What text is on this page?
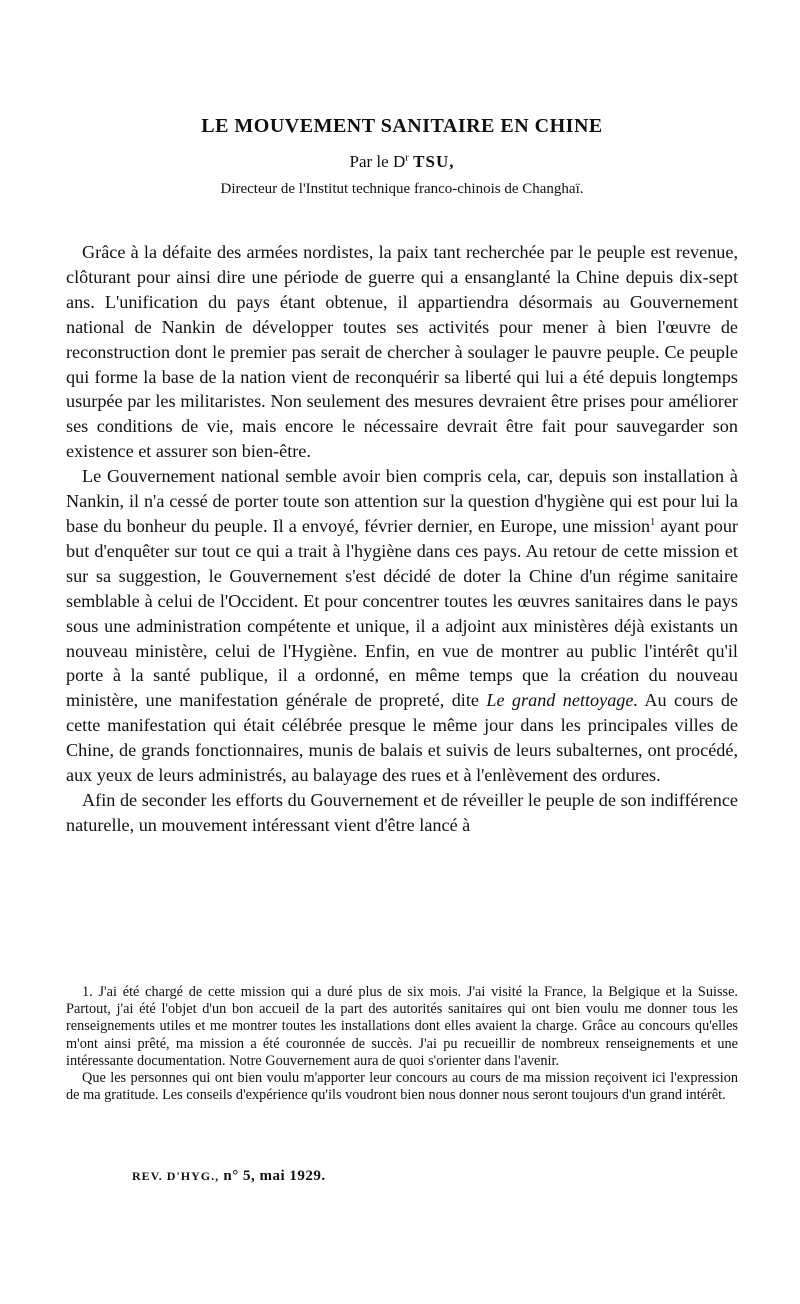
LE MOUVEMENT SANITAIRE EN CHINE
Par le $D^r$ TSU,
Directeur de l'Institut technique franco-chinois de Changhaï.

Grâce à la défaite des armées nordistes, la paix tant recherchée par le peuple est revenue, clôturant pour ainsi dire une période de guerre qui a ensanglanté la Chine depuis dix-sept ans. L'unification du pays étant obtenue, il appartiendra désormais au Gouvernement national de Nankin de développer toutes ses activités pour mener à bien l'œuvre de reconstruction dont le premier pas serait de chercher à soulager le pauvre peuple. Ce peuple qui forme la base de la nation vient de reconquérir sa liberté qui lui a été depuis longtemps usurpée par les militaristes. Non seulement des mesures devraient être prises pour améliorer ses conditions de vie, mais encore le nécessaire devrait être fait pour sauvegarder son existence et assurer son bien-être.

Le Gouvernement national semble avoir bien compris cela, car, depuis son installation à Nankin, il n'a cessé de porter toute son attention sur la question d'hygiène qui est pour lui la base du bonheur du peuple. Il a envoyé, février dernier, en Europe, une mission$^1$ ayant pour but d'enquêter sur tout ce qui a trait à l'hygiène dans ces pays. Au retour de cette mission et sur sa suggestion, le Gouvernement s'est décidé de doter la Chine d'un régime sanitaire semblable à celui de l'Occident. Et pour concentrer toutes les œuvres sanitaires dans le pays sous une administration compétente et unique, il a adjoint aux ministères déjà existants un nouveau ministère, celui de l'Hygiène. Enfin, en vue de montrer au public l'intérêt qu'il porte à la santé publique, il a ordonné, en même temps que la création du nouveau ministère, une manifestation générale de propreté, dite Le grand nettoyage. Au cours de cette manifestation qui était célébrée presque le même jour dans les principales villes de Chine, de grands fonctionnaires, munis de balais et suivis de leurs subalternes, ont procédé, aux yeux de leurs administrés, au balayage des rues et à l'enlèvement des ordures.

Afin de seconder les efforts du Gouvernement et de réveiller le peuple de son indifférence naturelle, un mouvement intéressant vient d'être lancé à

1. J'ai été chargé de cette mission qui a duré plus de six mois. J'ai visité la France, la Belgique et la Suisse. Partout, j'ai été l'objet d'un bon accueil de la part des autorités sanitaires qui ont bien voulu me donner tous les renseignements utiles et me montrer toutes les installations dont elles avaient la charge. Grâce au concours qu'elles m'ont ainsi prêté, ma mission a été couronnée de succès. J'ai pu recueillir de nombreux renseignements et une intéressante documentation. Notre Gouvernement aura de quoi s'orienter dans l'avenir.

Que les personnes qui ont bien voulu m'apporter leur concours au cours de ma mission reçoivent ici l'expression de ma gratitude. Les conseils d'expérience qu'ils voudront bien nous donner nous seront toujours d'un grand intérêt.

REV. D'HYG., n° 5, mai 1929.
